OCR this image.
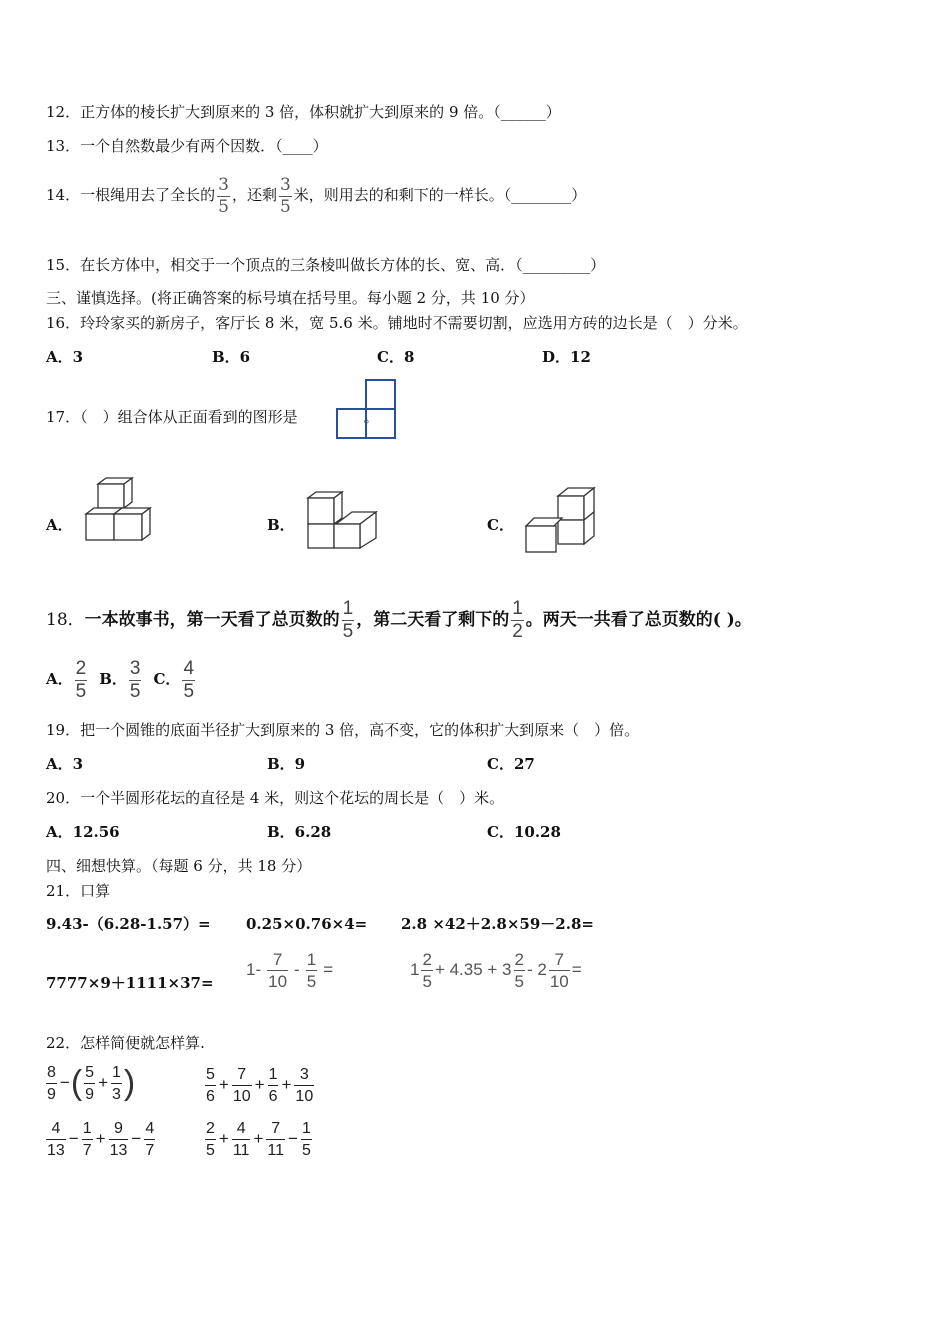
12．正方体的棱长扩大到原来的 3 倍，体积就扩大到原来的 9 倍。（______）
13．一个自然数最少有两个因数．（____）
14．一根绳用去了全长的 $\frac{3}{5}$ ，还剩 $\frac{3}{5}$ 米，则用去的和剩下的一样长。（________）
15．在长方体中，相交于一个顶点的三条棱叫做长方体的长、宽、高．（_________）
三、谨慎选择。(将正确答案的标号填在括号里。每小题 2 分，共 10 分）
16．玲玲家买的新房子，客厅长 8 米，宽 5.6 米。铺地时不需要切割，应选用方砖的边长是（　）分米。
A．3	B．6	C．8	D．12
17．（　）组合体从正面看到的图形是	。
A．	B．	C．
18．一本故事书，第一天看了总页数的 $\frac{1}{5}$ ，第二天看了剩下的 $\frac{1}{2}$ 。两天一共看了总页数的( )。
A． $\frac{2}{5}$ B． $\frac{3}{5}$ C． $\frac{4}{5}$
19．把一个圆锥的底面半径扩大到原来的 3 倍，高不变，它的体积扩大到原来（　）倍。
A．3	B．9	C．27
20．一个半圆形花坛的直径是 4 米，则这个花坛的周长是（　）米。
A．12.56	B．6.28	C．10.28
四、细想快算。（每题 6 分，共 18 分）
21．口算
9.43-（6.28-1.57）= 0.25×0.76×4= 2.8 ×42＋2.8×59－2.8=
7777×9＋1111×37=
$1- \frac{7}{10} - \frac{1}{5}$ =	$1 \frac{2}{5} + 4.35 + 3 \frac{2}{5} - 2 \frac{7}{10}$ =
22．怎样简便就怎样算.
$\frac{8}{9}$ −( $\frac{5}{9} + \frac{1}{3}$ )	$\frac{5}{6} + \frac{7}{10} + \frac{1}{6} + \frac{3}{10}$
$\frac{4}{13} - \frac{1}{7} + \frac{9}{13} - \frac{4}{7}$	$\frac{2}{5} + \frac{4}{11} + \frac{7}{11} - \frac{1}{5}$
